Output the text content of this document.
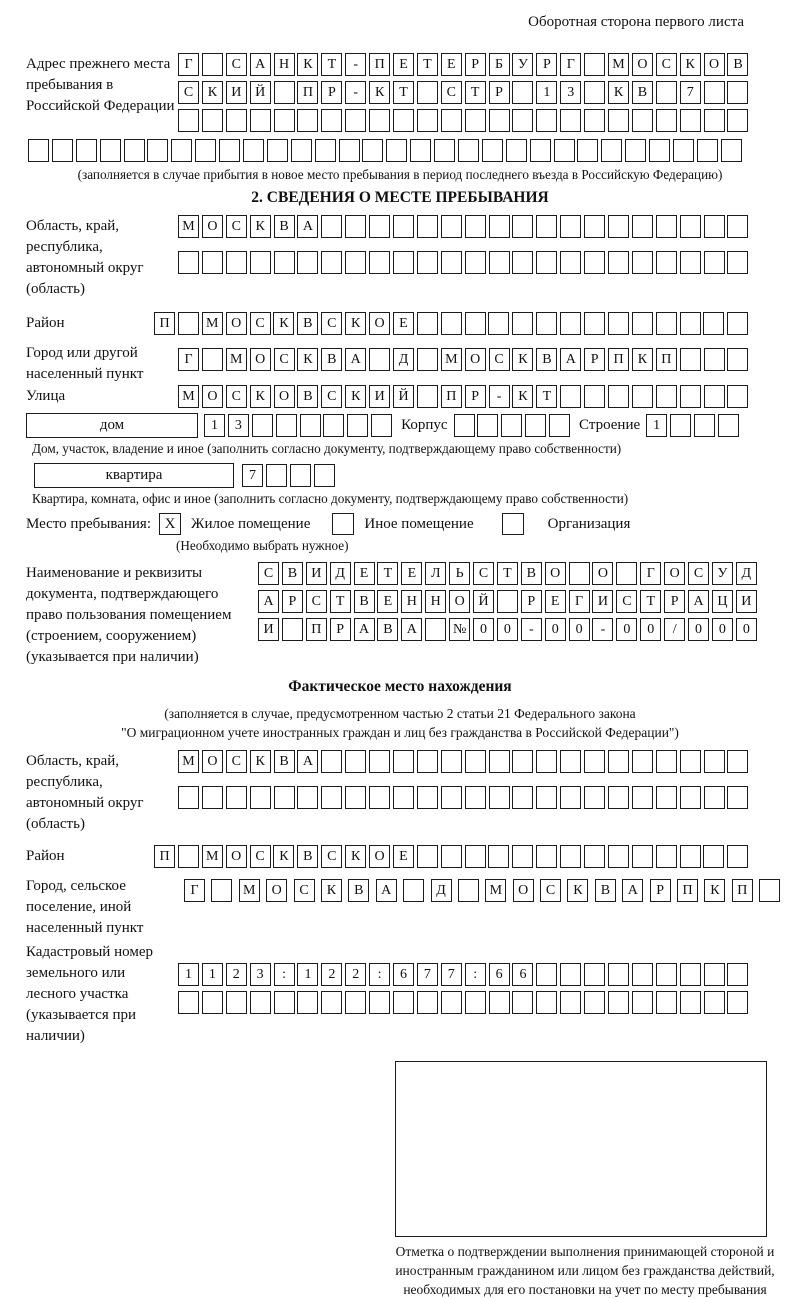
Оборотная сторона первого листа
Адрес прежнего места пребывания в Российской Федерации
Г	С	А Н	К	Т	-	П	Е	Т	Е	Р	Б	У	Р	Г	М О	С	К	О	В
С	К	И Й	П	Р	-	К	Т	С	Т	Р	1	3	К	В	7
(заполняется в случае прибытия в новое место пребывания в период последнего въезда в Российскую Федерацию)
2. СВЕДЕНИЯ О МЕСТЕ ПРЕБЫВАНИЯ
Область, край, республика, автономный округ (область)
М О	С	К	В	А
Район	П	М О	С	К	В	С	К	О	Е
Город или другой населенный пункт
Г	М О	С	К	В	А	Д	М О	С	К	В	А	Р	П	К	П
Улица	М О	С	К	О	В	С	К	И Й	П	Р	-	К	Т
дом	1	3	Корпус	Строение 1
Дом, участок, владение и иное (заполнить согласно документу, подтверждающему право собственности)
квартира	7
Квартира, комната, офис и иное (заполнить согласно документу, подтверждающему право собственности)
Место пребывания: X	Жилое помещение	Иное помещение	Организация
(Необходимо выбрать нужное)
Наименование и реквизиты документа, подтверждающего право пользования помещением (строением, сооружением) (указывается при наличии)
С	В	И	Д	Е	Т	Е	Л	Ь	С	Т	В	О	О	Г	О	С	У	Д
А	Р	С	Т	В	Е	Н Н О Й	Р	Е	Г	И	С	Т	Р	А Ц И
И	П	Р	А	В	А	№ 0	0	-	0	0	-	0	0	/	0	0	0
Фактическое место нахождения
(заполняется в случае, предусмотренном частью 2 статьи 21 Федерального закона
"О миграционном учете иностранных граждан и лиц без гражданства в Российской Федерации")
Область, край, республика, автономный округ (область)
М О	С	К	В	А
Район	П	М О	С	К	В	С	К	О	Е
Город, сельское поселение, иной населенный пункт
Г	М	О	С	К	В	А	Д	М	О	С	К	В	А	Р	П	К	П
Кадастровый номер земельного или лесного участка (указывается при наличии)
1	1	2	3	:	1	2	2	:	6	7	7	:	6	6
Отметка о подтверждении выполнения принимающей стороной и иностранным гражданином или лицом без гражданства действий, необходимых для его постановки на учет по месту пребывания
